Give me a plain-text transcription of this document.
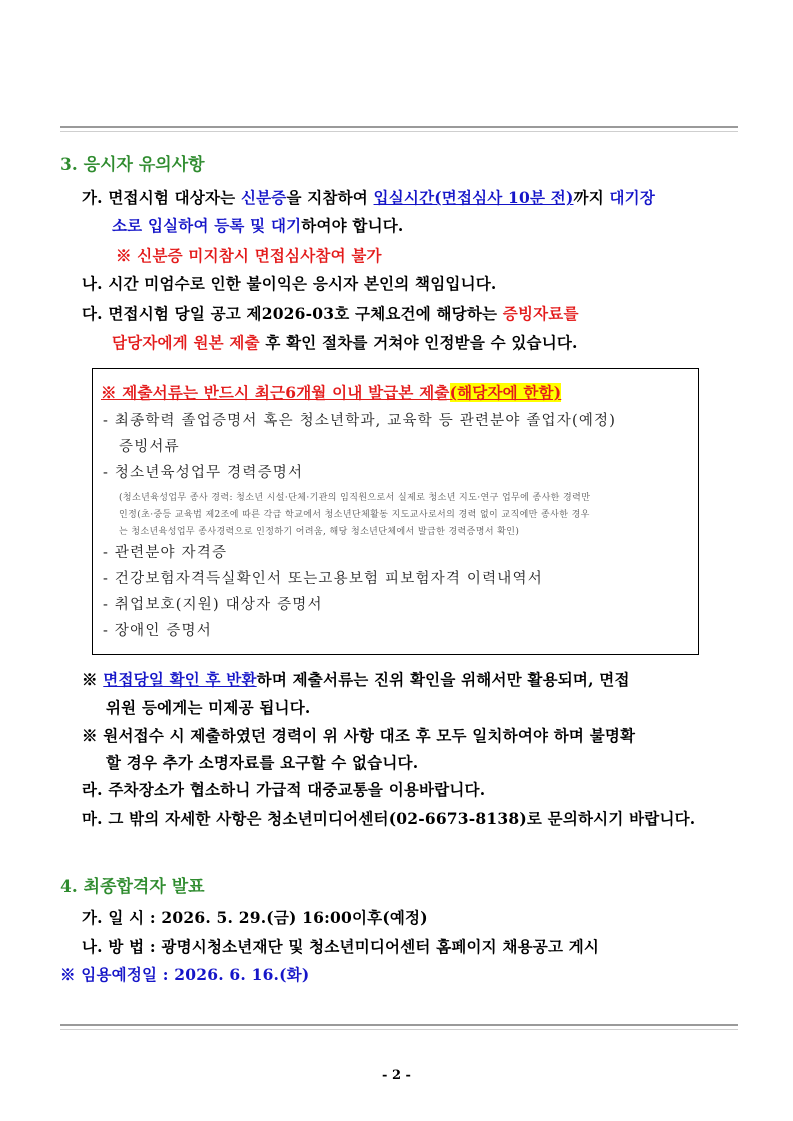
3. 응시자 유의사항
가. 면접시험 대상자는 신분증을 지참하여 입실시간(면접심사 10분 전)까지 대기장
소로 입실하여 등록 및 대기하여야 합니다.
※ 신분증 미지참시 면접심사참여 불가
나. 시간 미엄수로 인한 불이익은 응시자 본인의 책임입니다.
다. 면접시험 당일 공고 제2026-03호 구체요건에 해당하는 증빙자료를
담당자에게 원본 제출 후 확인 절차를 거쳐야 인정받을 수 있습니다.
※ 제출서류는 반드시 최근6개월 이내 발급본 제출(해당자에 한함)
- 최종학력 졸업증명서 혹은 청소년학과, 교육학 등 관련분야 졸업자(예정)
증빙서류
- 청소년육성업무 경력증명서
(청소년육성업무 종사 경력: 청소년 시설·단체·기관의 임직원으로서 실제로 청소년 지도·연구 업무에 종사한 경력만
인정(초·중등 교육법 제2조에 따른 각급 학교에서 청소년단체활동 지도교사로서의 경력 없이 교직에만 종사한 경우
는 청소년육성업무 종사경력으로 인정하기 어려움, 해당 청소년단체에서 발급한 경력증명서 확인)
- 관련분야 자격증
- 건강보험자격득실확인서 또는고용보험 피보험자격 이력내역서
- 취업보호(지원) 대상자 증명서
- 장애인 증명서
※ 면접당일 확인 후 반환하며 제출서류는 진위 확인을 위해서만 활용되며, 면접
위원 등에게는 미제공 됩니다.
※ 원서접수 시 제출하였던 경력이 위 사항 대조 후 모두 일치하여야 하며 불명확
할 경우 추가 소명자료를 요구할 수 없습니다.
라. 주차장소가 협소하니 가급적 대중교통을 이용바랍니다.
마. 그 밖의 자세한 사항은 청소년미디어센터(02-6673-8138)로 문의하시기 바랍니다.
4. 최종합격자 발표
가. 일 시 : 2026. 5. 29.(금) 16:00이후(예정)
나. 방 법 : 광명시청소년재단 및 청소년미디어센터 홈페이지 채용공고 게시
※ 임용예정일 : 2026. 6. 16.(화)
- 2 -
